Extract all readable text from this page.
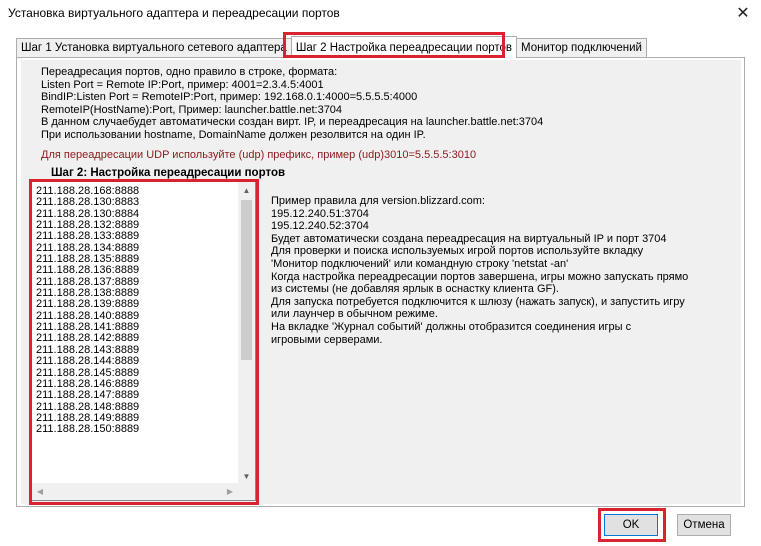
Установка виртуального адаптера и переадресации портов	✕
Шаг 1 Установка виртуального сетевого адаптера Шаг 2 Настройка переадресации портов Монитор подключений
Переадресация портов, одно правило в строке, формата:
Listen Port = Remote IP:Port, пример: 4001=2.3.4.5:4001
BindIP:Listen Port = RemoteIP:Port, пример: 192.168.0.1:4000=5.5.5.5:4000
RemoteIP(HostName):Port, Пример: launcher.battle.net:3704
В данном случаебудет автоматически создан вирт. IP, и переадресация на launcher.battle.net:3704
При использовании hostname, DomainName должен резолвится на один IP.
Для переадресации UDP используйте (udp) префикс, пример (udp)3010=5.5.5.5:3010
Шаг 2: Настройка переадресации портов
211.188.28.168:8888
211.188.28.130:8883
211.188.28.130:8884
211.188.28.132:8889
211.188.28.133:8889
211.188.28.134:8889
211.188.28.135:8889
211.188.28.136:8889
211.188.28.137:8889
211.188.28.138:8889
211.188.28.139:8889
211.188.28.140:8889
211.188.28.141:8889
211.188.28.142:8889
211.188.28.143:8889
211.188.28.144:8889
211.188.28.145:8889
211.188.28.146:8889
211.188.28.147:8889
211.188.28.148:8889
211.188.28.149:8889
211.188.28.150:8889
▲
▼
◀	▶
Пример правила для version.blizzard.com:
195.12.240.51:3704
195.12.240.52:3704
Будет автоматически создана переадресация на виртуальный IP и порт 3704
Для проверки и поиска используемых игрой портов используйте вкладку
'Монитор подключений' или командную строку 'netstat -an'
Когда настройка переадресации портов завершена, игры можно запускать прямо
из системы (не добавляя ярлык в оснастку клиента GF).
Для запуска потребуется подключится к шлюзу (нажать запуск), и запустить игру
или лаунчер в обычном режиме.
На вкладке 'Журнал событий' должны отобразится соединения игры с
игровыми серверами.
OK	Отмена
